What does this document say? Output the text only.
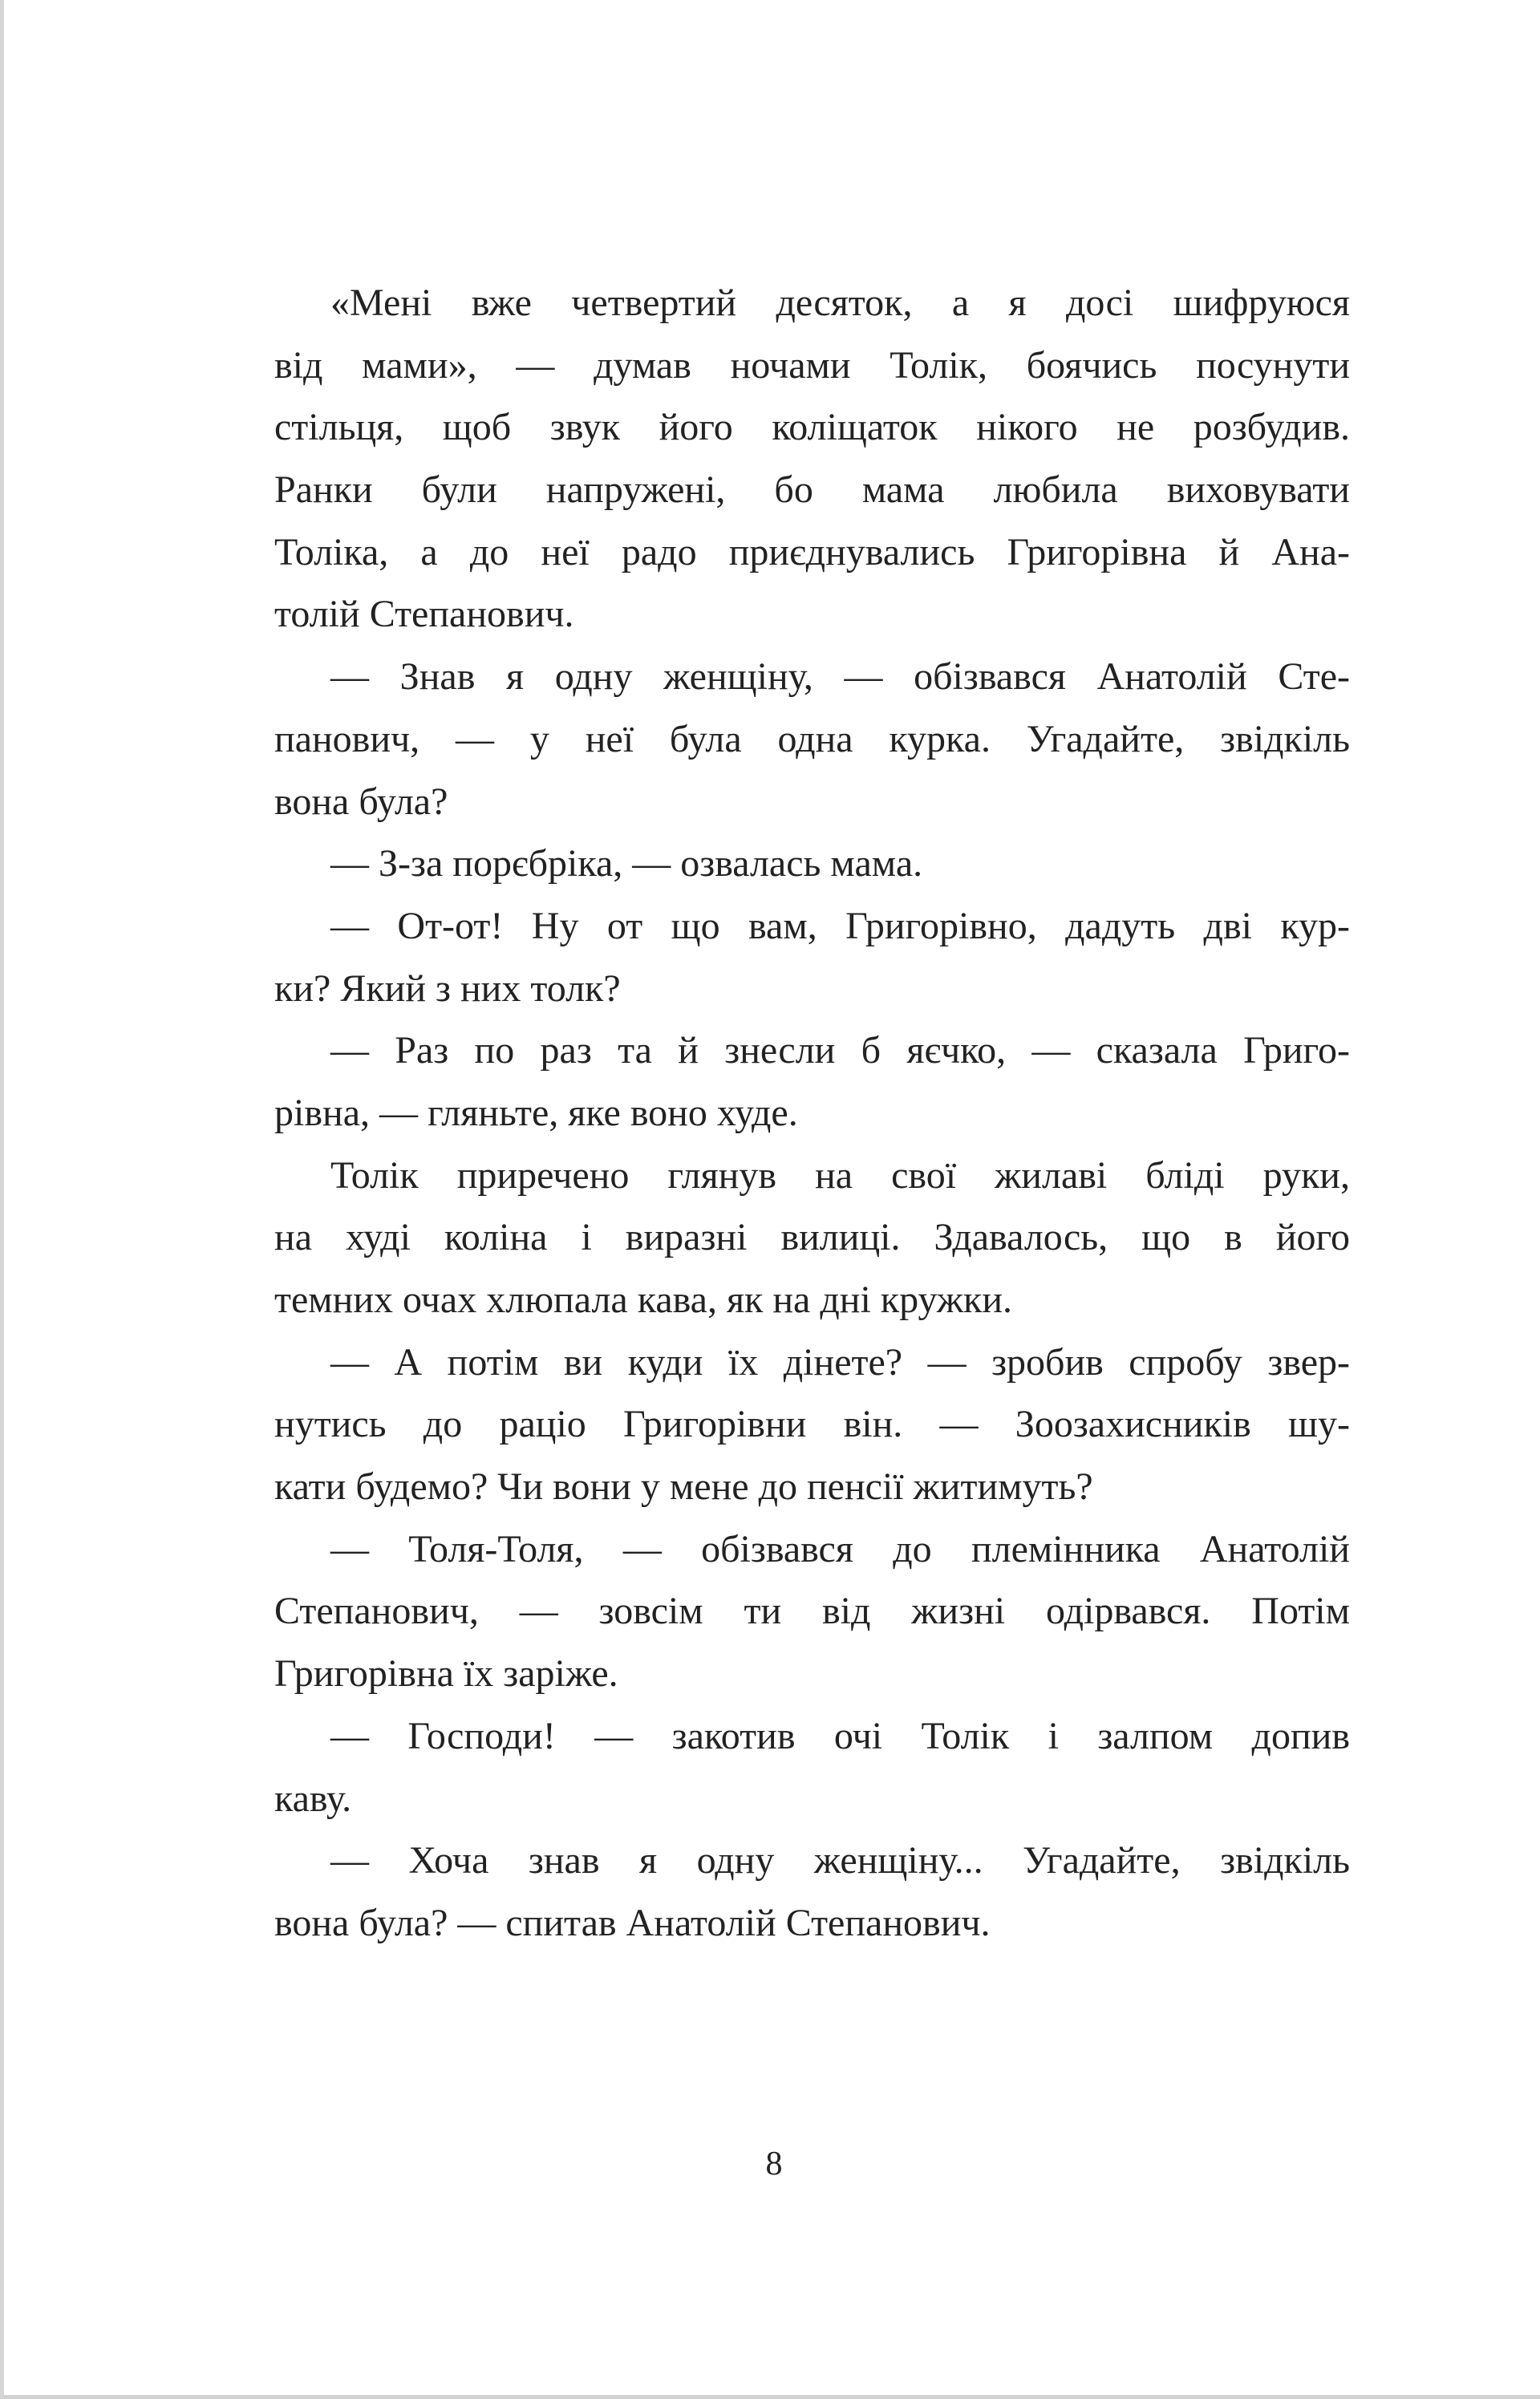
«Мені вже четвертий десяток, а я досі шифруюся
від мами», — думав ночами Толік, боячись посунути
стільця, щоб звук його коліщаток нікого не розбудив.
Ранки були напружені, бо мама любила виховувати
Толіка, а до неї радо приєднувались Григорівна й Ана-
толій Степанович.
— Знав я одну женщіну, — обізвався Анатолій Сте-
панович, — у неї була одна курка. Угадайте, звідкіль
вона була?
— З-за порєбріка, — озвалась мама.
— От-от! Ну от що вам, Григорівно, дадуть дві кур-
ки? Який з них толк?
— Раз по раз та й знесли б яєчко, — сказала Григо-
рівна, — гляньте, яке воно худе.
Толік приречено глянув на свої жилаві бліді руки,
на худі коліна і виразні вилиці. Здавалось, що в його
темних очах хлюпала кава, як на дні кружки.
— А потім ви куди їх дінете? — зробив спробу звер-
нутись до раціо Григорівни він. — Зоозахисників шу-
кати будемо? Чи вони у мене до пенсії житимуть?
— Толя-Толя, — обізвався до племінника Анатолій
Степанович, — зовсім ти від жизні одірвався. Потім
Григорівна їх заріже.
— Господи! — закотив очі Толік і залпом допив
каву.
— Хоча знав я одну женщіну... Угадайте, звідкіль
вона була? — спитав Анатолій Степанович.
8
